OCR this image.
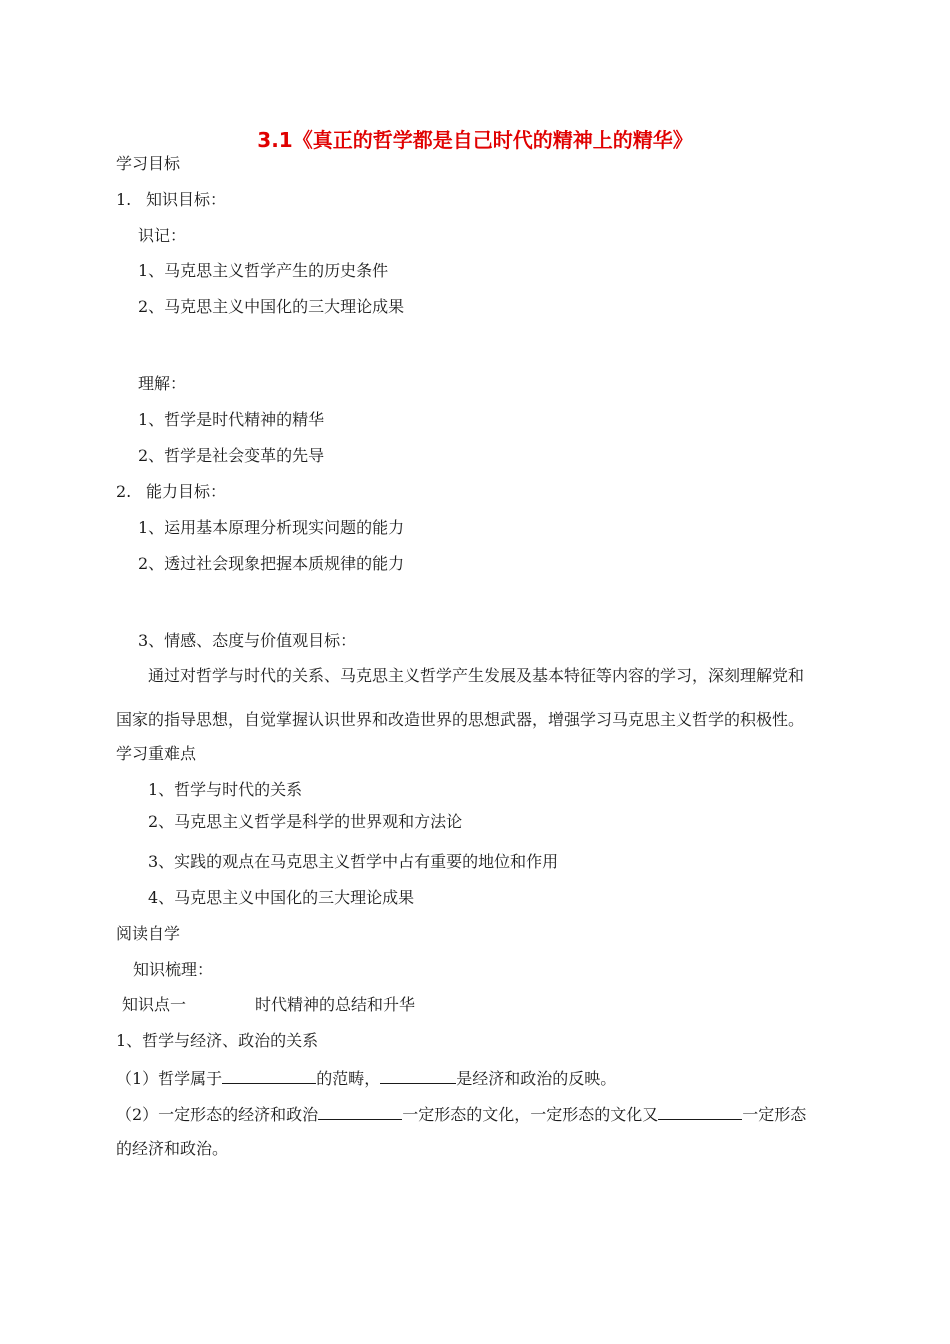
3.1《真正的哲学都是自己时代的精神上的精华》
学习目标
1. 知识目标：
识记：
1、马克思主义哲学产生的历史条件
2、马克思主义中国化的三大理论成果
理解：
1、哲学是时代精神的精华
2、哲学是社会变革的先导
2. 能力目标：
1、运用基本原理分析现实问题的能力
2、透过社会现象把握本质规律的能力
3、情感、态度与价值观目标：
通过对哲学与时代的关系、马克思主义哲学产生发展及基本特征等内容的学习，深刻理解党和
国家的指导思想，自觉掌握认识世界和改造世界的思想武器，增强学习马克思主义哲学的积极性。
学习重难点
1、哲学与时代的关系
2、马克思主义哲学是科学的世界观和方法论
3、实践的观点在马克思主义哲学中占有重要的地位和作用
4、马克思主义中国化的三大理论成果
阅读自学
知识梳理：
知识点一	时代精神的总结和升华
1、哲学与经济、政治的关系
（1）哲学属于	的范畴，	是经济和政治的反映。
（2）一定形态的经济和政治	一定形态的文化，一定形态的文化又	一定形态
的经济和政治。
